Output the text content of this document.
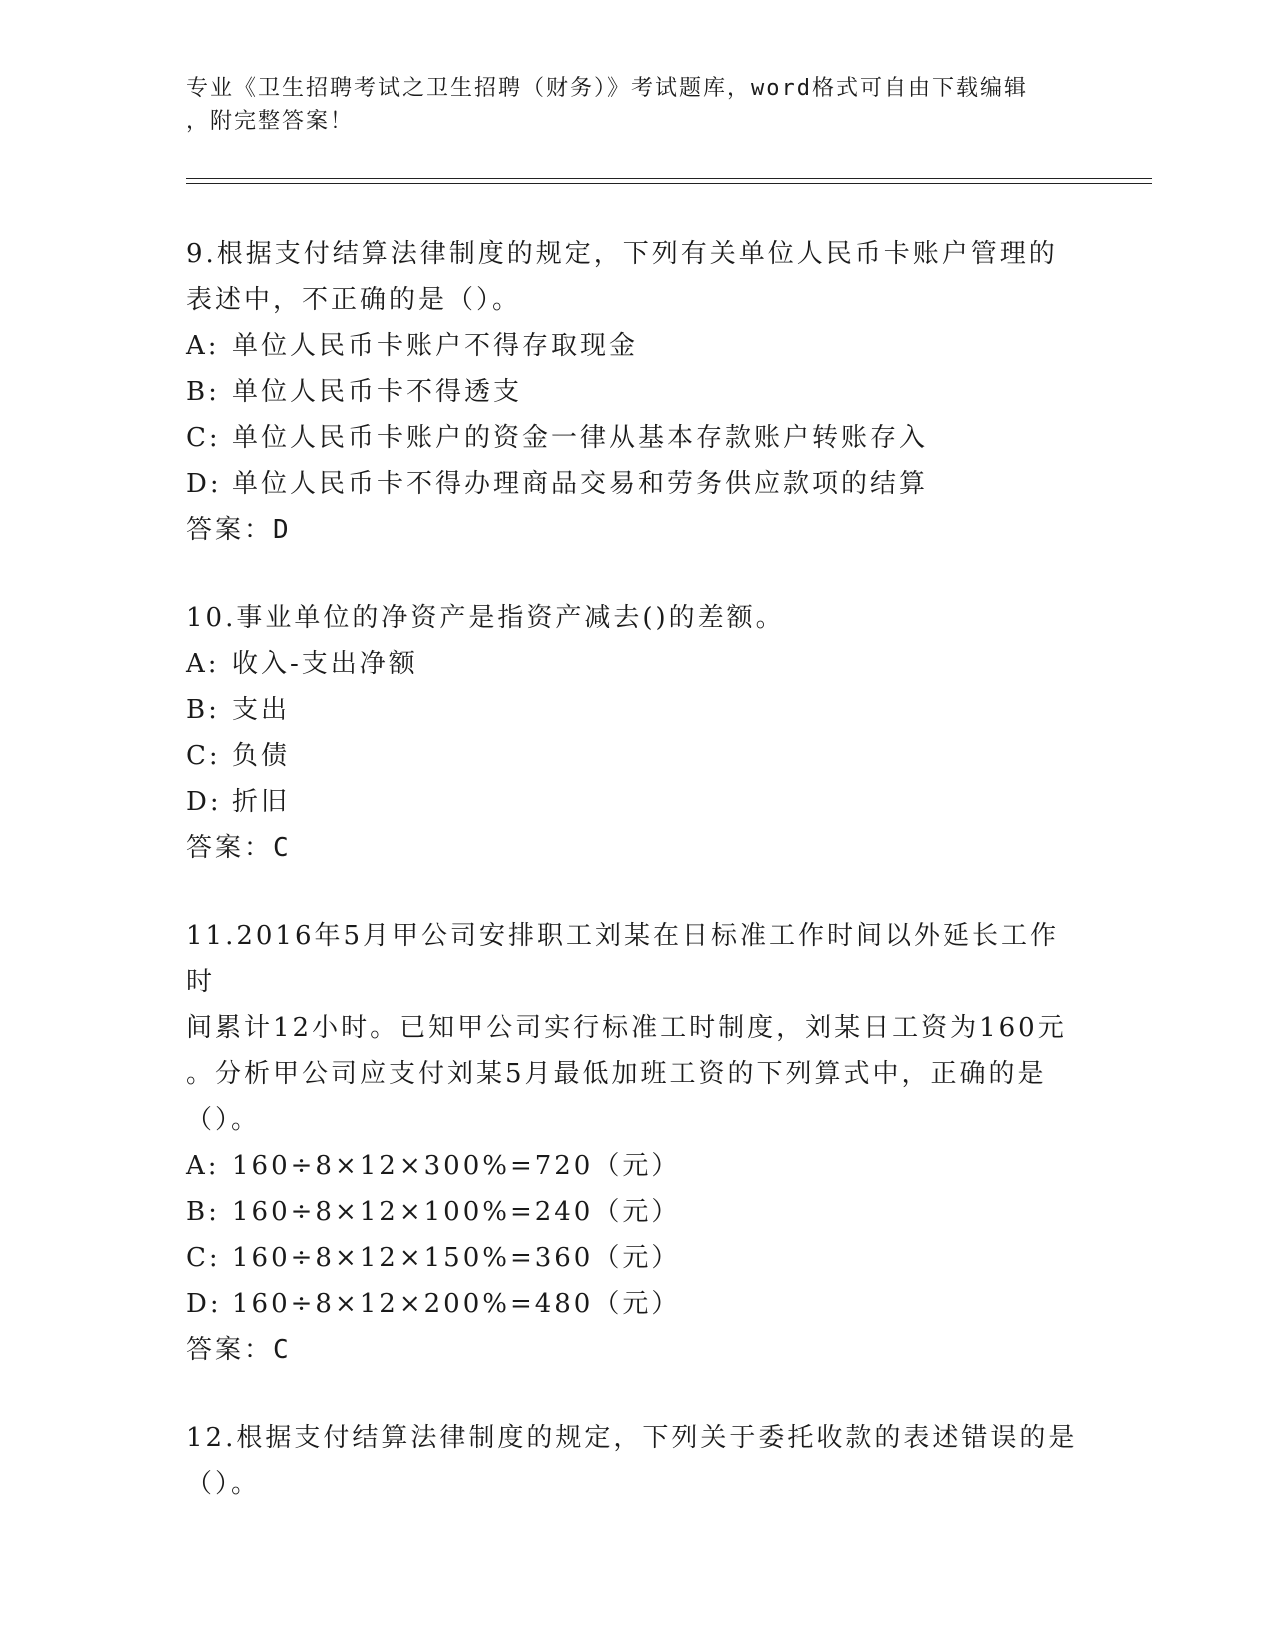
专业《卫生招聘考试之卫生招聘（财务）》考试题库，word格式可自由下载编辑
，附完整答案！

9.根据支付结算法律制度的规定，下列有关单位人民币卡账户管理的

表述中，不正确的是（）。

A: 单位人民币卡账户不得存取现金

B: 单位人民币卡不得透支

C: 单位人民币卡账户的资金一律从基本存款账户转账存入

D: 单位人民币卡不得办理商品交易和劳务供应款项的结算

答案：D

10.事业单位的净资产是指资产减去()的差额。

A: 收入-支出净额

B: 支出

C: 负债

D: 折旧

答案：C

11.2016年5月甲公司安排职工刘某在日标准工作时间以外延长工作时

间累计12小时。已知甲公司实行标准工时制度，刘某日工资为160元

。分析甲公司应支付刘某5月最低加班工资的下列算式中，正确的是

（）。

A: 160÷8×12×300%=720（元）

B: 160÷8×12×100%=240（元）

C: 160÷8×12×150%=360（元）

D: 160÷8×12×200%=480（元）

答案：C

12.根据支付结算法律制度的规定，下列关于委托收款的表述错误的是

（）。
